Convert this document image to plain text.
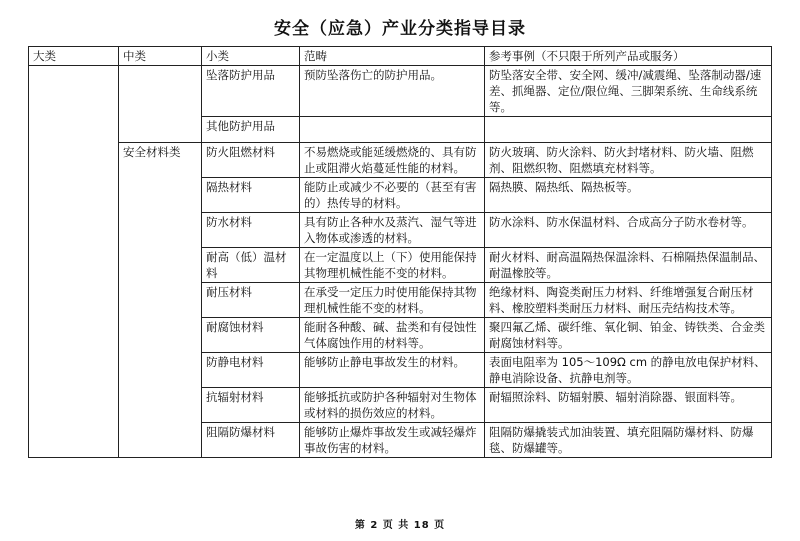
安全（应急）产业分类指导目录
大类	中类	小类	范畴	参考事例（不只限于所列产品或服务）
		坠落防护用品	预防坠落伤亡的防护用品。	防坠落安全带、安全网、缓冲/减震绳、坠落制动器/速差、抓绳器、定位/限位绳、三脚架系统、生命线系统等。
		其他防护用品		
	安全材料类	防火阻燃材料	不易燃烧或能延缓燃烧的、具有防止或阻滞火焰蔓延性能的材料。	防火玻璃、防火涂料、防火封堵材料、防火墙、阻燃剂、阻燃织物、阻燃填充材料等。
		隔热材料	能防止或减少不必要的（甚至有害的）热传导的材料。	隔热膜、隔热纸、隔热板等。
		防水材料	具有防止各种水及蒸汽、湿气等进入物体或渗透的材料。	防水涂料、防水保温材料、合成高分子防水卷材等。
		耐高（低）温材料	在一定温度以上（下）使用能保持其物理机械性能不变的材料。	耐火材料、耐高温隔热保温涂料、石棉隔热保温制品、耐温橡胶等。
		耐压材料	在承受一定压力时使用能保持其物理机械性能不变的材料。	绝缘材料、陶瓷类耐压力材料、纤维增强复合耐压材料、橡胶塑料类耐压力材料、耐压壳结构技术等。
		耐腐蚀材料	能耐各种酸、碱、盐类和有侵蚀性气体腐蚀作用的材料等。	聚四氟乙烯、碳纤维、氧化铜、铂金、铸铁类、合金类耐腐蚀材料等。
		防静电材料	能够防止静电事故发生的材料。	表面电阻率为 105～109Ω cm 的静电放电保护材料、静电消除设备、抗静电剂等。
		抗辐射材料	能够抵抗或防护各种辐射对生物体或材料的损伤效应的材料。	耐辐照涂料、防辐射膜、辐射消除器、银面料等。
		阻隔防爆材料	能够防止爆炸事故发生或减轻爆炸事故伤害的材料。	阻隔防爆撬装式加油装置、填充阻隔防爆材料、防爆毯、防爆罐等。
第 2 页 共 18 页
